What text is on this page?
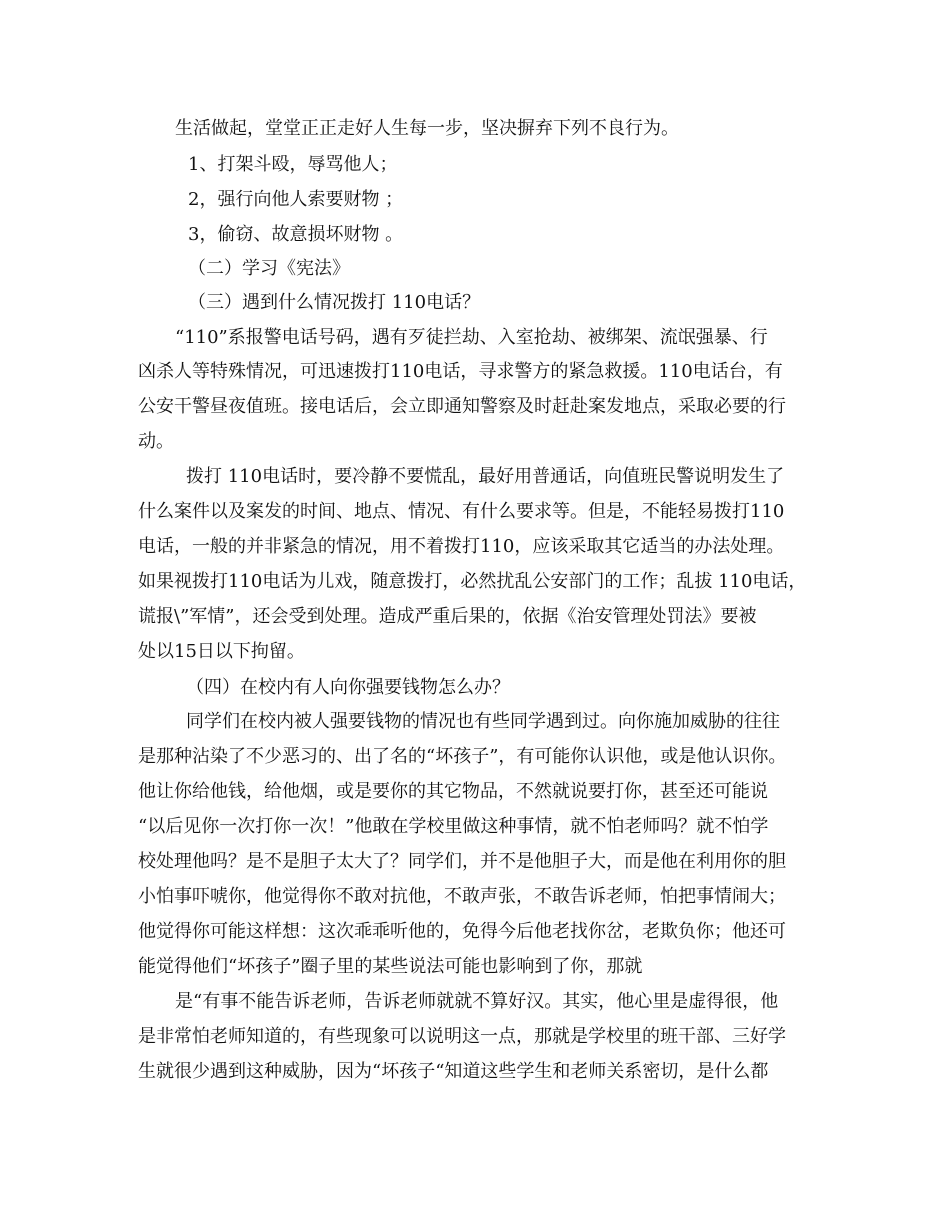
生活做起，堂堂正正走好人生每一步，坚决摒弃下列不良行为。
1、打架斗殴，辱骂他人；
2，强行向他人索要财物 ；
3，偷窃、故意损坏财物 。
（二）学习《宪法》
（三）遇到什么情况拨打 110电话？
“110”系报警电话号码，遇有歹徒拦劫、入室抢劫、被绑架、流氓强暴、行
凶杀人等特殊情况，可迅速拨打110电话，寻求警方的紧急救援。110电话台，有
公安干警昼夜值班。接电话后，会立即通知警察及时赶赴案发地点，采取必要的行
动。
拨打 110电话时，要冷静不要慌乱，最好用普通话，向值班民警说明发生了
什么案件以及案发的时间、地点、情况、有什么要求等。但是，不能轻易拨打110
电话，一般的并非紧急的情况，用不着拨打110，应该采取其它适当的办法处理。
如果视拨打110电话为儿戏，随意拨打，必然扰乱公安部门的工作；乱拔 110电话，
谎报\”军情”，还会受到处理。造成严重后果的，依据《治安管理处罚法》要被
处以15日以下拘留。
（四）在校内有人向你强要钱物怎么办？
同学们在校内被人强要钱物的情况也有些同学遇到过。向你施加威胁的往往
是那种沾染了不少恶习的、出了名的“坏孩子”，有可能你认识他，或是他认识你。
他让你给他钱，给他烟，或是要你的其它物品，不然就说要打你，甚至还可能说
“以后见你一次打你一次！”他敢在学校里做这种事情，就不怕老师吗？就不怕学
校处理他吗？是不是胆子太大了？同学们，并不是他胆子大，而是他在利用你的胆
小怕事吓唬你，他觉得你不敢对抗他，不敢声张，不敢告诉老师，怕把事情闹大；
他觉得你可能这样想：这次乖乖听他的，免得今后他老找你岔，老欺负你；他还可
能觉得他们“坏孩子”圈子里的某些说法可能也影响到了你，那就
是“有事不能告诉老师，告诉老师就就不算好汉。其实，他心里是虚得很，他
是非常怕老师知道的，有些现象可以说明这一点，那就是学校里的班干部、三好学
生就很少遇到这种威胁，因为“坏孩子“知道这些学生和老师关系密切，是什么都
